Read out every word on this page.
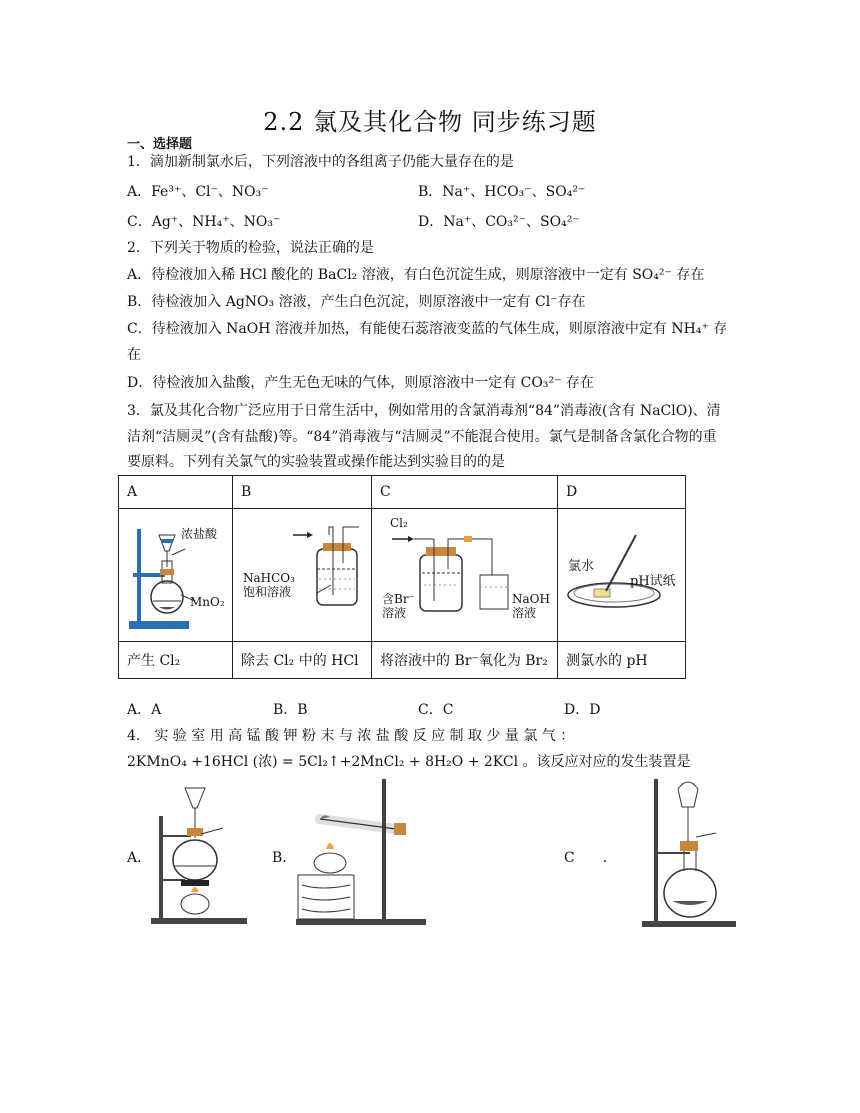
2.2 氯及其化合物 同步练习题
一、选择题
1．滴加新制氯水后，下列溶液中的各组离子仍能大量存在的是
A．Fe³⁺、Cl⁻、NO₃⁻	B．Na⁺、HCO₃⁻、SO₄²⁻
C．Ag⁺、NH₄⁺、NO₃⁻	D．Na⁺、CO₃²⁻、SO₄²⁻
2．下列关于物质的检验，说法正确的是
A．待检液加入稀 HCl 酸化的 BaCl₂ 溶液，有白色沉淀生成，则原溶液中一定有 SO₄²⁻ 存在
B．待检液加入 AgNO₃ 溶液，产生白色沉淀，则原溶液中一定有 Cl⁻存在
C．待检液加入 NaOH 溶液并加热，有能使石蕊溶液变蓝的气体生成，则原溶液中定有 NH₄⁺ 存
在
D．待检液加入盐酸，产生无色无味的气体，则原溶液中一定有 CO₃²⁻ 存在
3．氯及其化合物广泛应用于日常生活中，例如常用的含氯消毒剂“84”消毒液(含有 NaClO)、清
洁剂“洁厕灵”(含有盐酸)等。“84”消毒液与“洁厕灵”不能混合使用。氯气是制备含氯化合物的重
要原料。下列有关氯气的实验装置或操作能达到实验目的的是
A	B	C	D

产生 Cl₂	除去 Cl₂ 中的 HCl	将溶液中的 Br⁻氧化为 Br₂	测氯水的 pH
浓盐酸
MnO₂
NaHCO₃
饱和溶液
Cl₂
含Br⁻
溶液
NaOH
溶液
氯水
pH试纸
A．A	B．B	C．C	D．D
4． 实 验 室 用 高 锰 酸 钾 粉 末 与 浓 盐 酸 反 应 制 取 少 量 氯 气 ：
2KMnO₄ +16HCl (浓) = 5Cl₂↑+2MnCl₂ + 8H₂O + 2KCl 。该反应对应的发生装置是
A．	B．	C　　.
